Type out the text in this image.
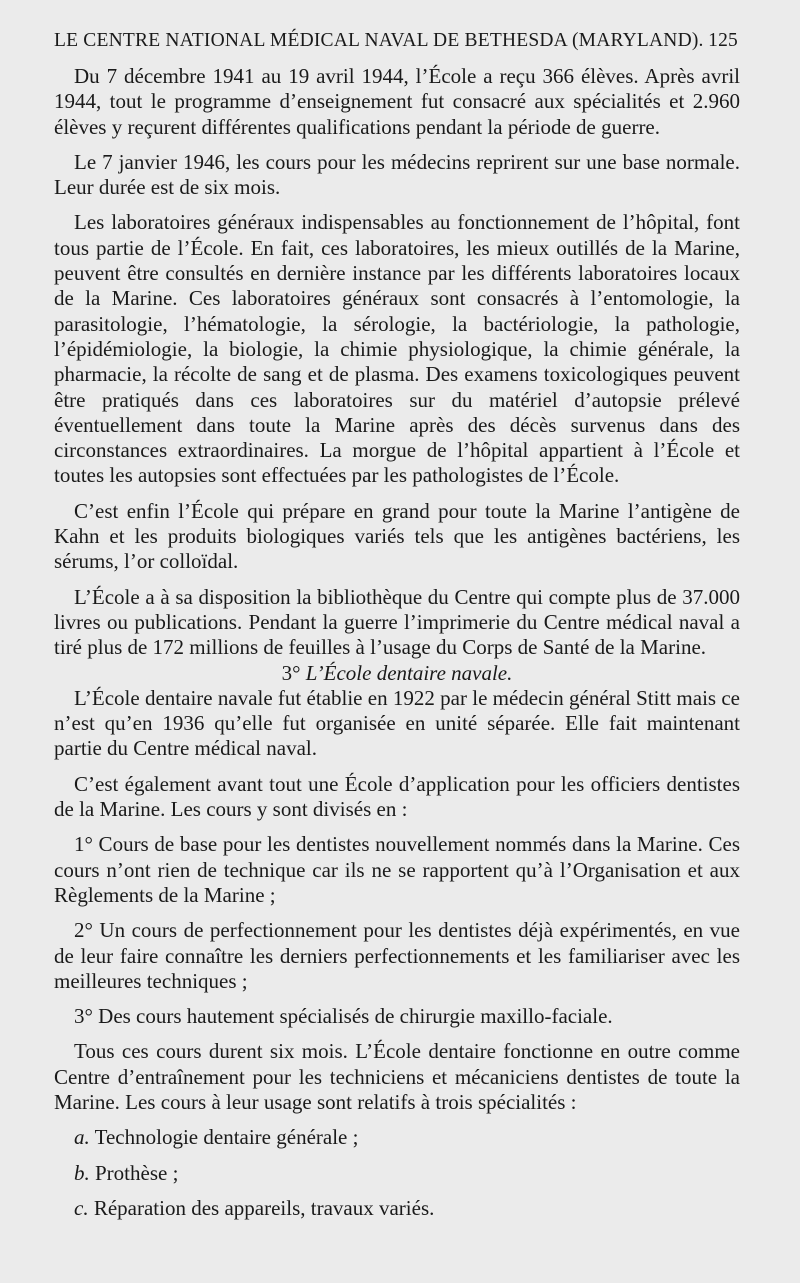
LE CENTRE NATIONAL MÉDICAL NAVAL DE BETHESDA (MARYLAND). 125

Du 7 décembre 1941 au 19 avril 1944, l’École a reçu 366 élèves. Après avril 1944, tout le programme d’enseignement fut consacré aux spécialités et 2.960 élèves y reçurent différentes qualifications pendant la période de guerre.

Le 7 janvier 1946, les cours pour les médecins reprirent sur une base normale. Leur durée est de six mois.

Les laboratoires généraux indispensables au fonctionnement de l’hôpital, font tous partie de l’École. En fait, ces laboratoires, les mieux outillés de la Marine, peuvent être consultés en dernière instance par les différents laboratoires locaux de la Marine. Ces laboratoires généraux sont consacrés à l’entomologie, la parasitologie, l’hématologie, la sérologie, la bactériologie, la pathologie, l’épidémiologie, la biologie, la chimie physiologique, la chimie générale, la pharmacie, la récolte de sang et de plasma. Des examens toxicologiques peuvent être pratiqués dans ces laboratoires sur du matériel d’autopsie prélevé éventuellement dans toute la Marine après des décès survenus dans des circonstances extraordinaires. La morgue de l’hôpital appartient à l’École et toutes les autopsies sont effectuées par les pathologistes de l’École.

C’est enfin l’École qui prépare en grand pour toute la Marine l’antigène de Kahn et les produits biologiques variés tels que les antigènes bactériens, les sérums, l’or colloïdal.

L’École a à sa disposition la bibliothèque du Centre qui compte plus de 37.000 livres ou publications. Pendant la guerre l’imprimerie du Centre médical naval a tiré plus de 172 millions de feuilles à l’usage du Corps de Santé de la Marine.

3° L’École dentaire navale.

L’École dentaire navale fut établie en 1922 par le médecin général Stitt mais ce n’est qu’en 1936 qu’elle fut organisée en unité séparée. Elle fait maintenant partie du Centre médical naval.

C’est également avant tout une École d’application pour les officiers dentistes de la Marine. Les cours y sont divisés en :

1° Cours de base pour les dentistes nouvellement nommés dans la Marine. Ces cours n’ont rien de technique car ils ne se rapportent qu’à l’Organisation et aux Règlements de la Marine ;

2° Un cours de perfectionnement pour les dentistes déjà expérimentés, en vue de leur faire connaître les derniers perfectionnements et les familiariser avec les meilleures techniques ;

3° Des cours hautement spécialisés de chirurgie maxillo-faciale.

Tous ces cours durent six mois. L’École dentaire fonctionne en outre comme Centre d’entraînement pour les techniciens et mécaniciens dentistes de toute la Marine. Les cours à leur usage sont relatifs à trois spécialités :

a. Technologie dentaire générale ;

b. Prothèse ;

c. Réparation des appareils, travaux variés.
